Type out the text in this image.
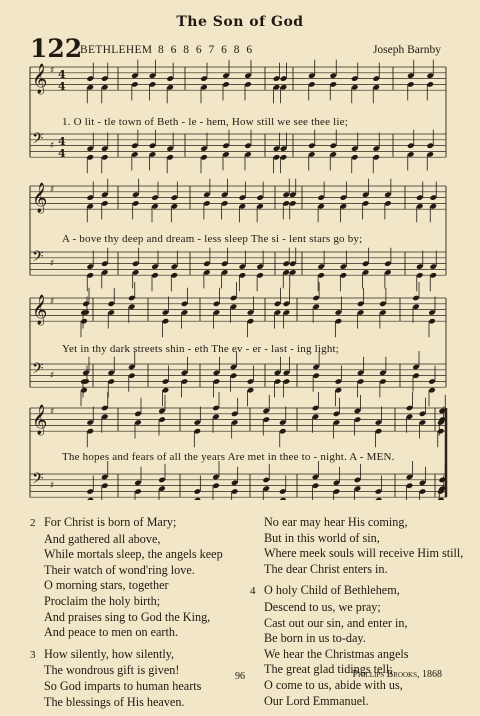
The Son of God
122
BETHLEHEM 8 6 8 6 7 6 8 6	Joseph Barnby
𝄞 ♯ 4
4
𝄢 ♯ 4
4
𝄞 ♯
𝄢 ♯
𝄞 ♯
𝄢 ♯
𝄞 ♯
𝄢 ♯
1. O lit - tle town of Beth - le - hem, How still we see thee lie;
A - bove thy deep and dream - less sleep The si - lent stars go by;
Yet in thy dark streets shin - eth The ev - er - last - ing light;
The hopes and fears of all the years Are met in thee to - night. A - MEN.
2 For Christ is born of Mary;
And gathered all above,
While mortals sleep, the angels keep
Their watch of wond'ring love.
O morning stars, together
Proclaim the holy birth;
And praises sing to God the King,
And peace to men on earth.
3 How silently, how silently,
The wondrous gift is given!
So God imparts to human hearts
The blessings of His heaven.
No ear may hear His coming,
But in this world of sin,
Where meek souls will receive Him still,
The dear Christ enters in.
4 O holy Child of Bethlehem,
Descend to us, we pray;
Cast out our sin, and enter in,
Be born in us to-day.
We hear the Christmas angels
The great glad tidings tell;
O come to us, abide with us,
Our Lord Emmanuel.
96	Phillips Brooks, 1868
